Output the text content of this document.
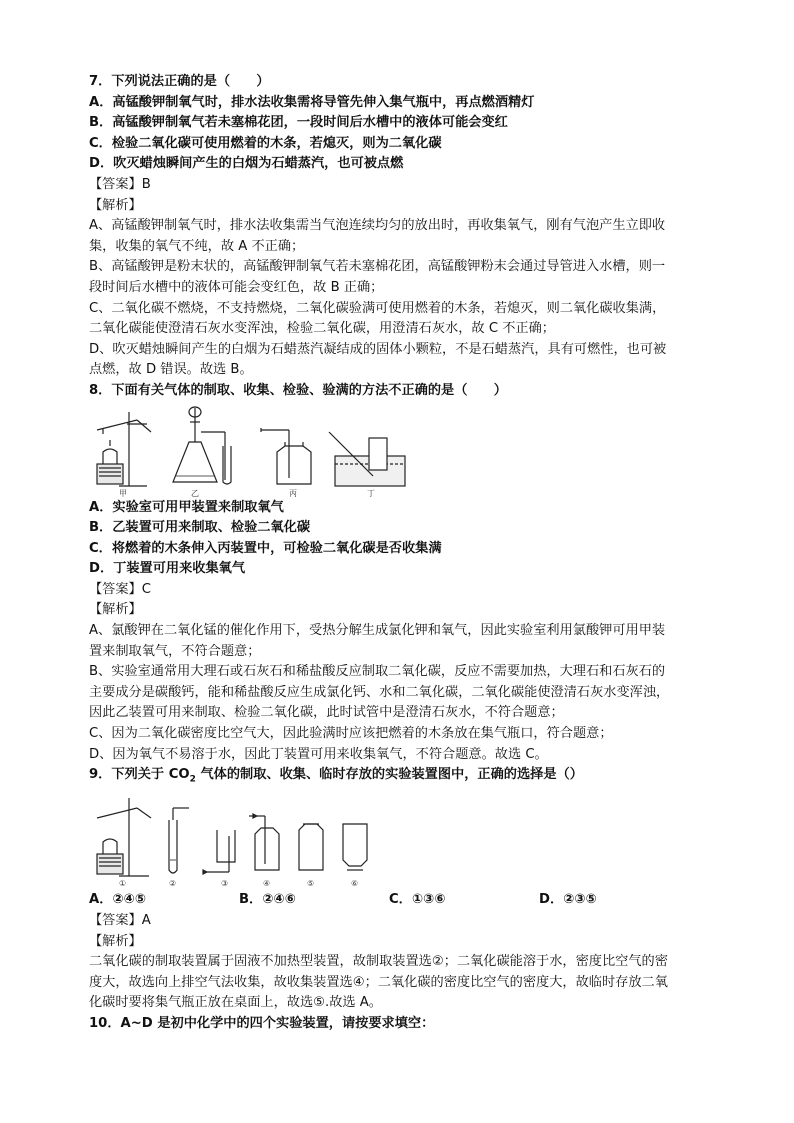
7．下列说法正确的是（　　）
A．高锰酸钾制氧气时，排水法收集需将导管先伸入集气瓶中，再点燃酒精灯
B．高锰酸钾制氧气若未塞棉花团，一段时间后水槽中的液体可能会变红
C．检验二氧化碳可使用燃着的木条，若熄灭，则为二氧化碳
D．吹灭蜡烛瞬间产生的白烟为石蜡蒸汽，也可被点燃
【答案】B
【解析】
A、高锰酸钾制氧气时，排水法收集需当气泡连续均匀的放出时，再收集氧气，刚有气泡产生立即收
集，收集的氧气不纯，故 A 不正确；
B、高锰酸钾是粉末状的，高锰酸钾制氧气若未塞棉花团，高锰酸钾粉末会通过导管进入水槽，则一
段时间后水槽中的液体可能会变红色，故 B 正确；
C、二氧化碳不燃烧，不支持燃烧，二氧化碳验满可使用燃着的木条，若熄灭，则二氧化碳收集满，
二氧化碳能使澄清石灰水变浑浊，检验二氧化碳，用澄清石灰水，故 C 不正确；
D、吹灭蜡烛瞬间产生的白烟为石蜡蒸汽凝结成的固体小颗粒，不是石蜡蒸汽，具有可燃性，也可被
点燃，故 D 错误。故选 B。
8．下面有关气体的制取、收集、检验、验满的方法不正确的是（　　）
甲	乙	丙	丁
A．实验室可用甲装置来制取氧气
B．乙装置可用来制取、检验二氧化碳
C．将燃着的木条伸入丙装置中，可检验二氧化碳是否收集满
D．丁装置可用来收集氧气
【答案】C
【解析】
A、氯酸钾在二氧化锰的催化作用下，受热分解生成氯化钾和氧气，因此实验室利用氯酸钾可用甲装
置来制取氧气，不符合题意；
B、实验室通常用大理石或石灰石和稀盐酸反应制取二氧化碳，反应不需要加热，大理石和石灰石的
主要成分是碳酸钙，能和稀盐酸反应生成氯化钙、水和二氧化碳，二氧化碳能使澄清石灰水变浑浊，
因此乙装置可用来制取、检验二氧化碳，此时试管中是澄清石灰水，不符合题意；
C、因为二氧化碳密度比空气大，因此验满时应该把燃着的木条放在集气瓶口，符合题意；
D、因为氧气不易溶于水，因此丁装置可用来收集氧气，不符合题意。故选 C。
9．下列关于 $CO_2$ 气体的制取、收集、临时存放的实验装置图中，正确的选择是（）
①	②	③	④	⑤	⑥
A．②④⑤	B．②④⑥	C．①③⑥	D．②③⑤
【答案】A
【解析】
二氧化碳的制取装置属于固液不加热型装置，故制取装置选②；二氧化碳能溶于水，密度比空气的密
度大，故选向上排空气法收集，故收集装置选④；二氧化碳的密度比空气的密度大，故临时存放二氧
化碳时要将集气瓶正放在桌面上，故选⑤.故选 A。
10．A~D 是初中化学中的四个实验装置，请按要求填空：
